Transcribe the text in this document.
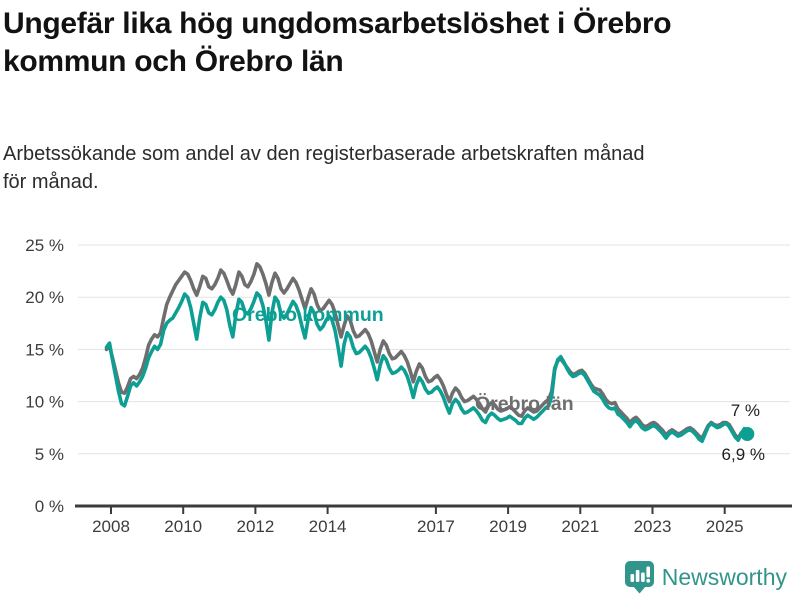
Ungefär lika hög ungdomsarbetslöshet i Örebro
kommun och Örebro län
Arbetssökande som andel av den registerbaserade arbetskraften månad
för månad.
0 %
5 %
10 %
15 %
20 %
25 %
2008 2010 2012 2014	2017 2019 2021 2023 2025
Örebro kommun
Örebro län	7 %
6,9 %
Newsworthy
